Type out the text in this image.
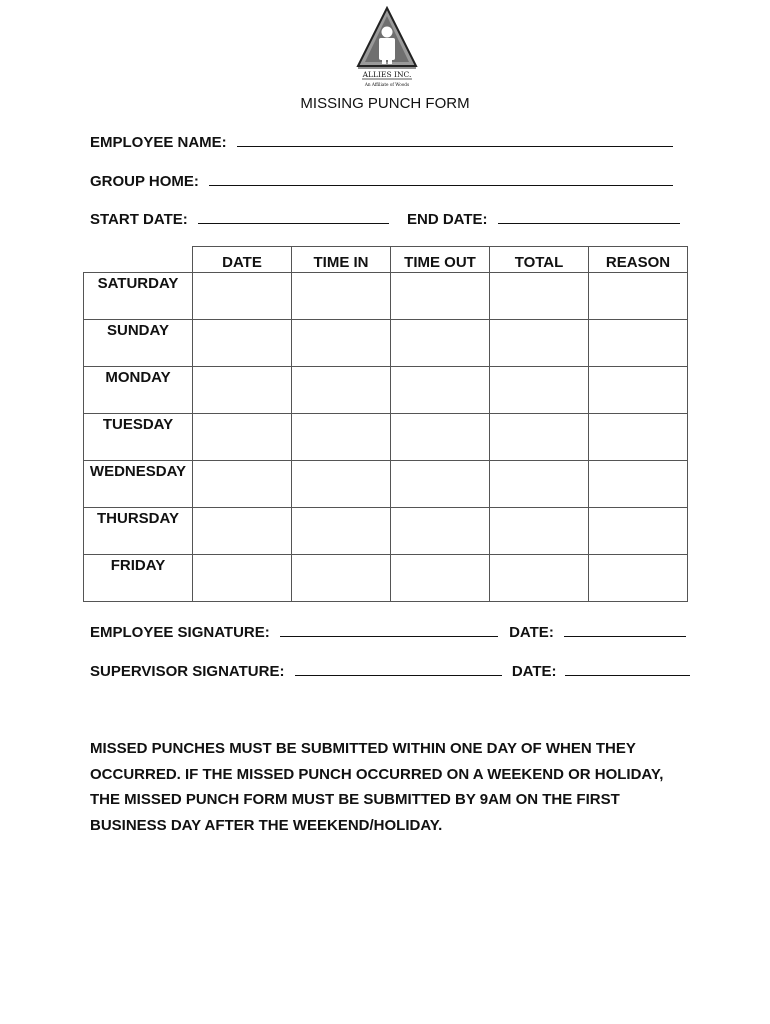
ALLIES INC.
An Affiliate of Woods
MISSING PUNCH FORM
EMPLOYEE NAME:
GROUP HOME:
START DATE:	END DATE:
	DATE	TIME IN	TIME OUT	TOTAL	REASON
SATURDAY					
SUNDAY					
MONDAY					
TUESDAY					
WEDNESDAY					
THURSDAY					
FRIDAY					
EMPLOYEE SIGNATURE:	DATE:
SUPERVISOR SIGNATURE:	DATE:
MISSED PUNCHES MUST BE SUBMITTED WITHIN ONE DAY OF WHEN THEY
OCCURRED. IF THE MISSED PUNCH OCCURRED ON A WEEKEND OR HOLIDAY,
THE MISSED PUNCH FORM MUST BE SUBMITTED BY 9AM ON THE FIRST
BUSINESS DAY AFTER THE WEEKEND/HOLIDAY.
